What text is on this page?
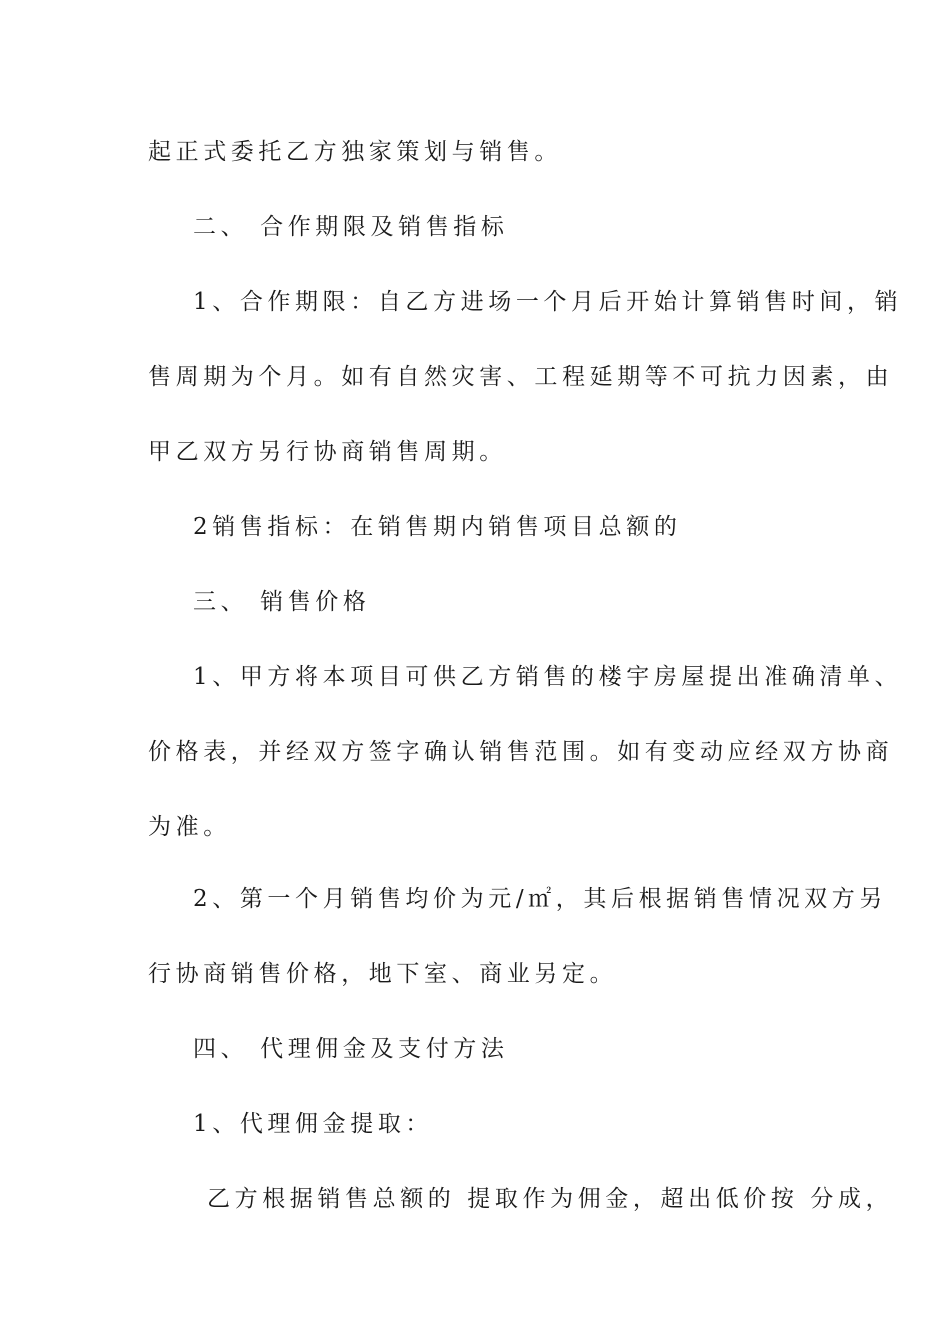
起正式委托乙方独家策划与销售。

二、 合作期限及销售指标

1、合作期限：自乙方进场一个月后开始计算销售时间，销

售周期为个月。如有自然灾害、工程延期等不可抗力因素，由

甲乙双方另行协商销售周期。

2销售指标：在销售期内销售项目总额的

三、 销售价格

1、甲方将本项目可供乙方销售的楼宇房屋提出准确清单、

价格表，并经双方签字确认销售范围。如有变动应经双方协商

为准。

2、第一个月销售均价为元/㎡，其后根据销售情况双方另

行协商销售价格，地下室、商业另定。

四、 代理佣金及支付方法

1、代理佣金提取：

乙方根据销售总额的 提取作为佣金，超出低价按 分成，
